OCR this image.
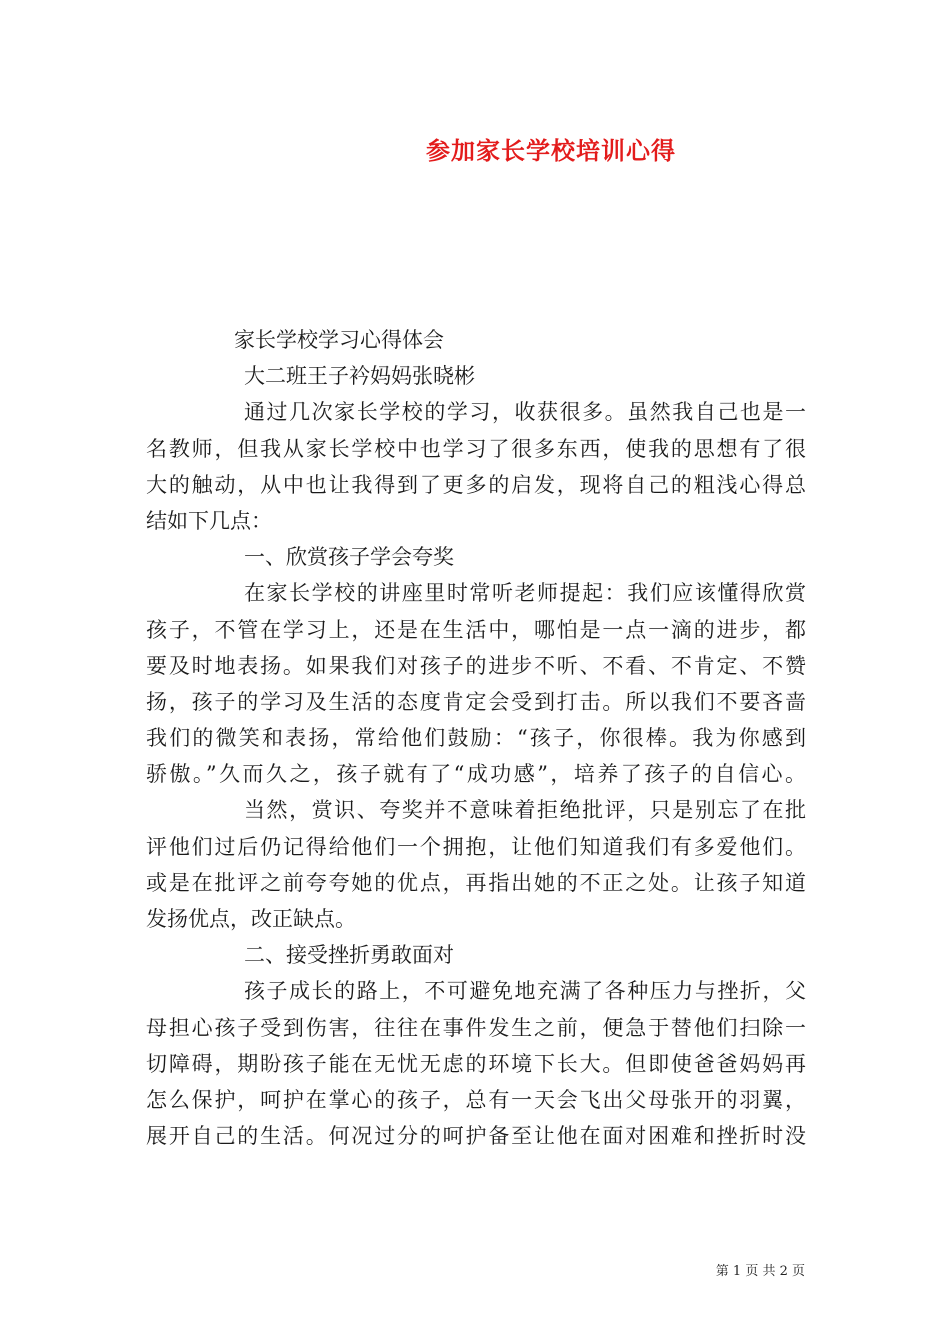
参加家长学校培训心得
家长学校学习心得体会
大二班王子衿妈妈张晓彬
通过几次家长学校的学习，收获很多。虽然我自己也是一
名教师，但我从家长学校中也学习了很多东西，使我的思想有了很
大的触动，从中也让我得到了更多的启发，现将自己的粗浅心得总
结如下几点：
一、欣赏孩子学会夸奖
在家长学校的讲座里时常听老师提起：我们应该懂得欣赏
孩子，不管在学习上，还是在生活中，哪怕是一点一滴的进步，都
要及时地表扬。如果我们对孩子的进步不听、不看、不肯定、不赞
扬，孩子的学习及生活的态度肯定会受到打击。所以我们不要吝啬
我们的微笑和表扬，常给他们鼓励：“孩子，你很棒。我为你感到
骄傲。”久而久之，孩子就有了“成功感”，培养了孩子的自信心。
当然，赏识、夸奖并不意味着拒绝批评，只是别忘了在批
评他们过后仍记得给他们一个拥抱，让他们知道我们有多爱他们。
或是在批评之前夸夸她的优点，再指出她的不正之处。让孩子知道
发扬优点，改正缺点。
二、接受挫折勇敢面对
孩子成长的路上，不可避免地充满了各种压力与挫折，父
母担心孩子受到伤害，往往在事件发生之前，便急于替他们扫除一
切障碍，期盼孩子能在无忧无虑的环境下长大。但即使爸爸妈妈再
怎么保护，呵护在掌心的孩子，总有一天会飞出父母张开的羽翼，
展开自己的生活。何况过分的呵护备至让他在面对困难和挫折时没
第 1 页 共 2 页
